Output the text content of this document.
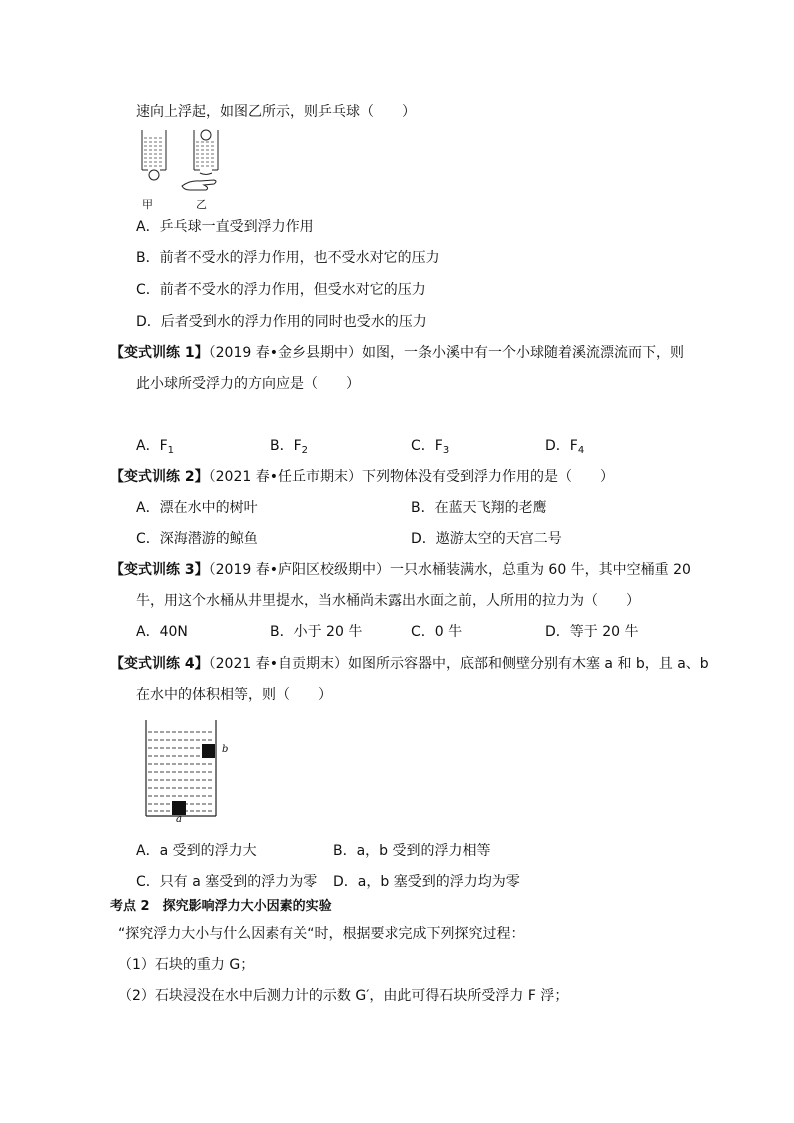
速向上浮起，如图乙所示，则乒乓球（　　）
甲	乙
A．乒乓球一直受到浮力作用
B．前者不受水的浮力作用，也不受水对它的压力
C．前者不受水的浮力作用，但受水对它的压力
D．后者受到水的浮力作用的同时也受水的压力
【变式训练 1】（2019 春•金乡县期中）如图，一条小溪中有一个小球随着溪流漂流而下，则
此小球所受浮力的方向应是（　　）
A．$F_1$	B．$F_2$	C．$F_3$	D．$F_4$
【变式训练 2】（2021 春•任丘市期末）下列物体没有受到浮力作用的是（　　）
A．漂在水中的树叶	B．在蓝天飞翔的老鹰
C．深海潜游的鲸鱼	D．遨游太空的天宫二号
【变式训练 3】（2019 春•庐阳区校级期中）一只水桶装满水，总重为 60 牛，其中空桶重 20
牛，用这个水桶从井里提水，当水桶尚未露出水面之前，人所用的拉力为（　　）
A．40N	B．小于 20 牛	C．0 牛	D．等于 20 牛
【变式训练 4】（2021 春•自贡期末）如图所示容器中，底部和侧壁分别有木塞 a 和 b，且 a、b
在水中的体积相等，则（　　）
b
a
A．a 受到的浮力大	B．a，b 受到的浮力相等
C．只有 a 塞受到的浮力为零 D．a，b 塞受到的浮力均为零
考点 2　探究影响浮力大小因素的实验
“探究浮力大小与什么因素有关“时，根据要求完成下列探究过程：
（1）石块的重力 G；
（2）石块浸没在水中后测力计的示数 G′，由此可得石块所受浮力 F 浮；
